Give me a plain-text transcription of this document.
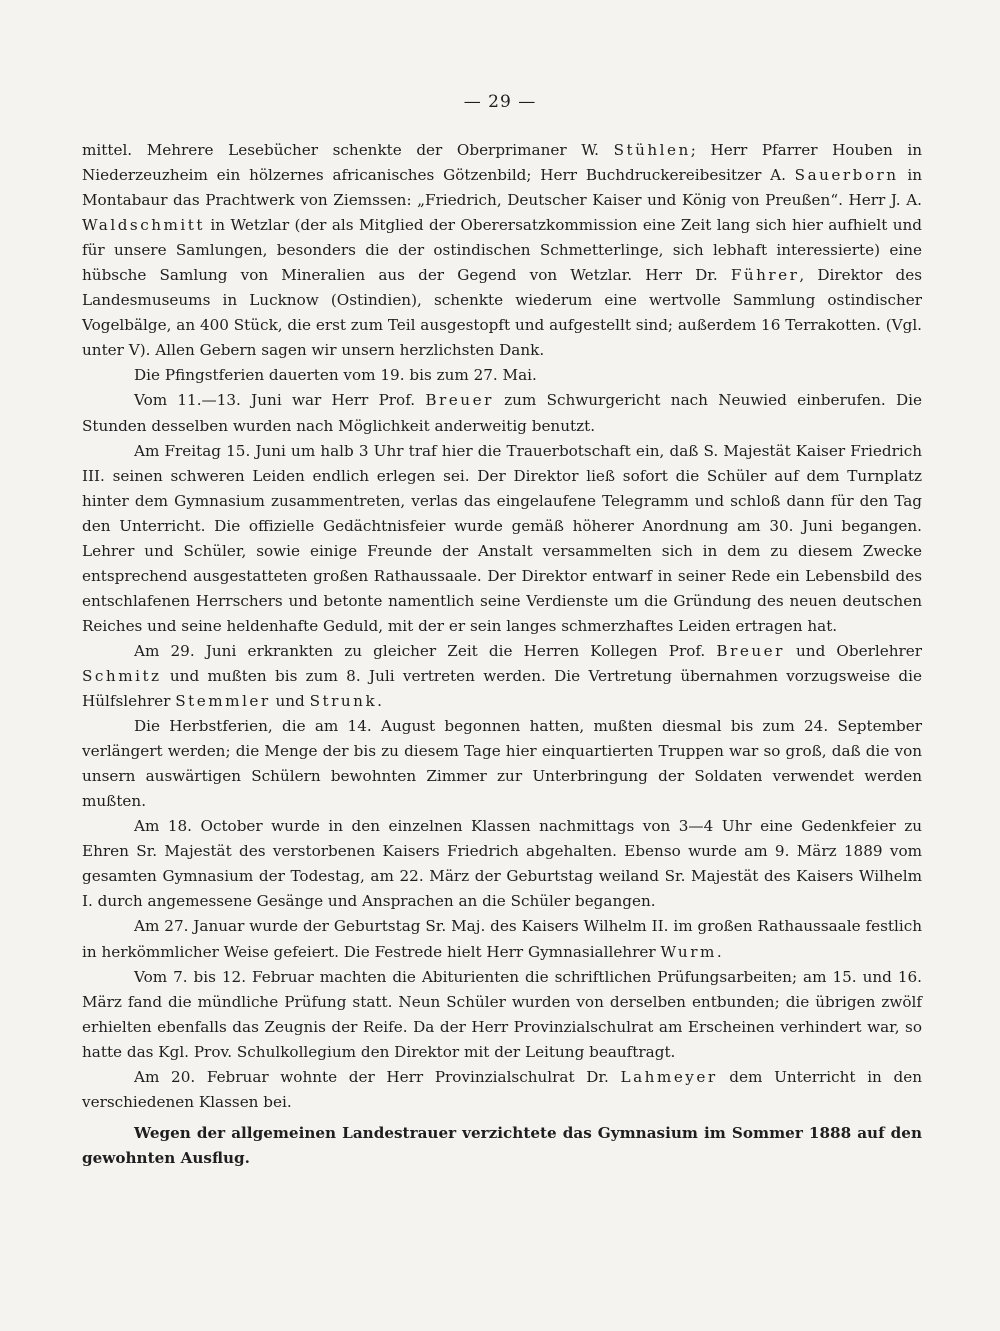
— 29 —

mittel. Mehrere Lesebücher schenkte der Oberprimaner W. Stühlen; Herr Pfarrer Houben in Niederzeuzheim ein hölzernes africanisches Götzenbild; Herr Buchdruckereibesitzer A. Sauerborn in Montabaur das Prachtwerk von Ziemssen: „Friedrich, Deutscher Kaiser und König von Preußen“. Herr J. A. Waldschmitt in Wetzlar (der als Mitglied der Oberersatzkommission eine Zeit lang sich hier aufhielt und für unsere Samlungen, besonders die der ostindischen Schmetterlinge, sich lebhaft interessierte) eine hübsche Samlung von Mineralien aus der Gegend von Wetzlar. Herr Dr. Führer, Direktor des Landesmuseums in Lucknow (Ostindien), schenkte wiederum eine wertvolle Sammlung ostindischer Vogelbälge, an 400 Stück, die erst zum Teil ausgestopft und aufgestellt sind; außerdem 16 Terrakotten. (Vgl. unter V). Allen Gebern sagen wir unsern herzlichsten Dank.

Die Pfingstferien dauerten vom 19. bis zum 27. Mai.

Vom 11.—13. Juni war Herr Prof. Breuer zum Schwurgericht nach Neuwied einberufen. Die Stunden desselben wurden nach Möglichkeit anderweitig benutzt.

Am Freitag 15. Juni um halb 3 Uhr traf hier die Trauerbotschaft ein, daß S. Majestät Kaiser Friedrich III. seinen schweren Leiden endlich erlegen sei. Der Direktor ließ sofort die Schüler auf dem Turnplatz hinter dem Gymnasium zusammentreten, verlas das eingelaufene Telegramm und schloß dann für den Tag den Unterricht. Die offizielle Gedächtnisfeier wurde gemäß höherer Anordnung am 30. Juni begangen. Lehrer und Schüler, sowie einige Freunde der Anstalt versammelten sich in dem zu diesem Zwecke entsprechend ausgestatteten großen Rathaussaale. Der Direktor entwarf in seiner Rede ein Lebensbild des entschlafenen Herrschers und betonte namentlich seine Verdienste um die Gründung des neuen deutschen Reiches und seine heldenhafte Geduld, mit der er sein langes schmerzhaftes Leiden ertragen hat.

Am 29. Juni erkrankten zu gleicher Zeit die Herren Kollegen Prof. Breuer und Oberlehrer Schmitz und mußten bis zum 8. Juli vertreten werden. Die Vertretung übernahmen vorzugsweise die Hülfslehrer Stemmler und Strunk.

Die Herbstferien, die am 14. August begonnen hatten, mußten diesmal bis zum 24. September verlängert werden; die Menge der bis zu diesem Tage hier einquartierten Truppen war so groß, daß die von unsern auswärtigen Schülern bewohnten Zimmer zur Unterbringung der Soldaten verwendet werden mußten.

Am 18. October wurde in den einzelnen Klassen nachmittags von 3—4 Uhr eine Gedenkfeier zu Ehren Sr. Majestät des verstorbenen Kaisers Friedrich abgehalten. Ebenso wurde am 9. März 1889 vom gesamten Gymnasium der Todestag, am 22. März der Geburtstag weiland Sr. Majestät des Kaisers Wilhelm I. durch angemessene Gesänge und Ansprachen an die Schüler begangen.

Am 27. Januar wurde der Geburtstag Sr. Maj. des Kaisers Wilhelm II. im großen Rathaussaale festlich in herkömmlicher Weise gefeiert. Die Festrede hielt Herr Gymnasiallehrer Wurm.

Vom 7. bis 12. Februar machten die Abiturienten die schriftlichen Prüfungsarbeiten; am 15. und 16. März fand die mündliche Prüfung statt. Neun Schüler wurden von derselben entbunden; die übrigen zwölf erhielten ebenfalls das Zeugnis der Reife. Da der Herr Provinzialschulrat am Erscheinen verhindert war, so hatte das Kgl. Prov. Schulkollegium den Direktor mit der Leitung beauftragt.

Am 20. Februar wohnte der Herr Provinzialschulrat Dr. Lahmeyer dem Unterricht in den verschiedenen Klassen bei.

Wegen der allgemeinen Landestrauer verzichtete das Gymnasium im Sommer 1888 auf den gewohnten Ausflug.
